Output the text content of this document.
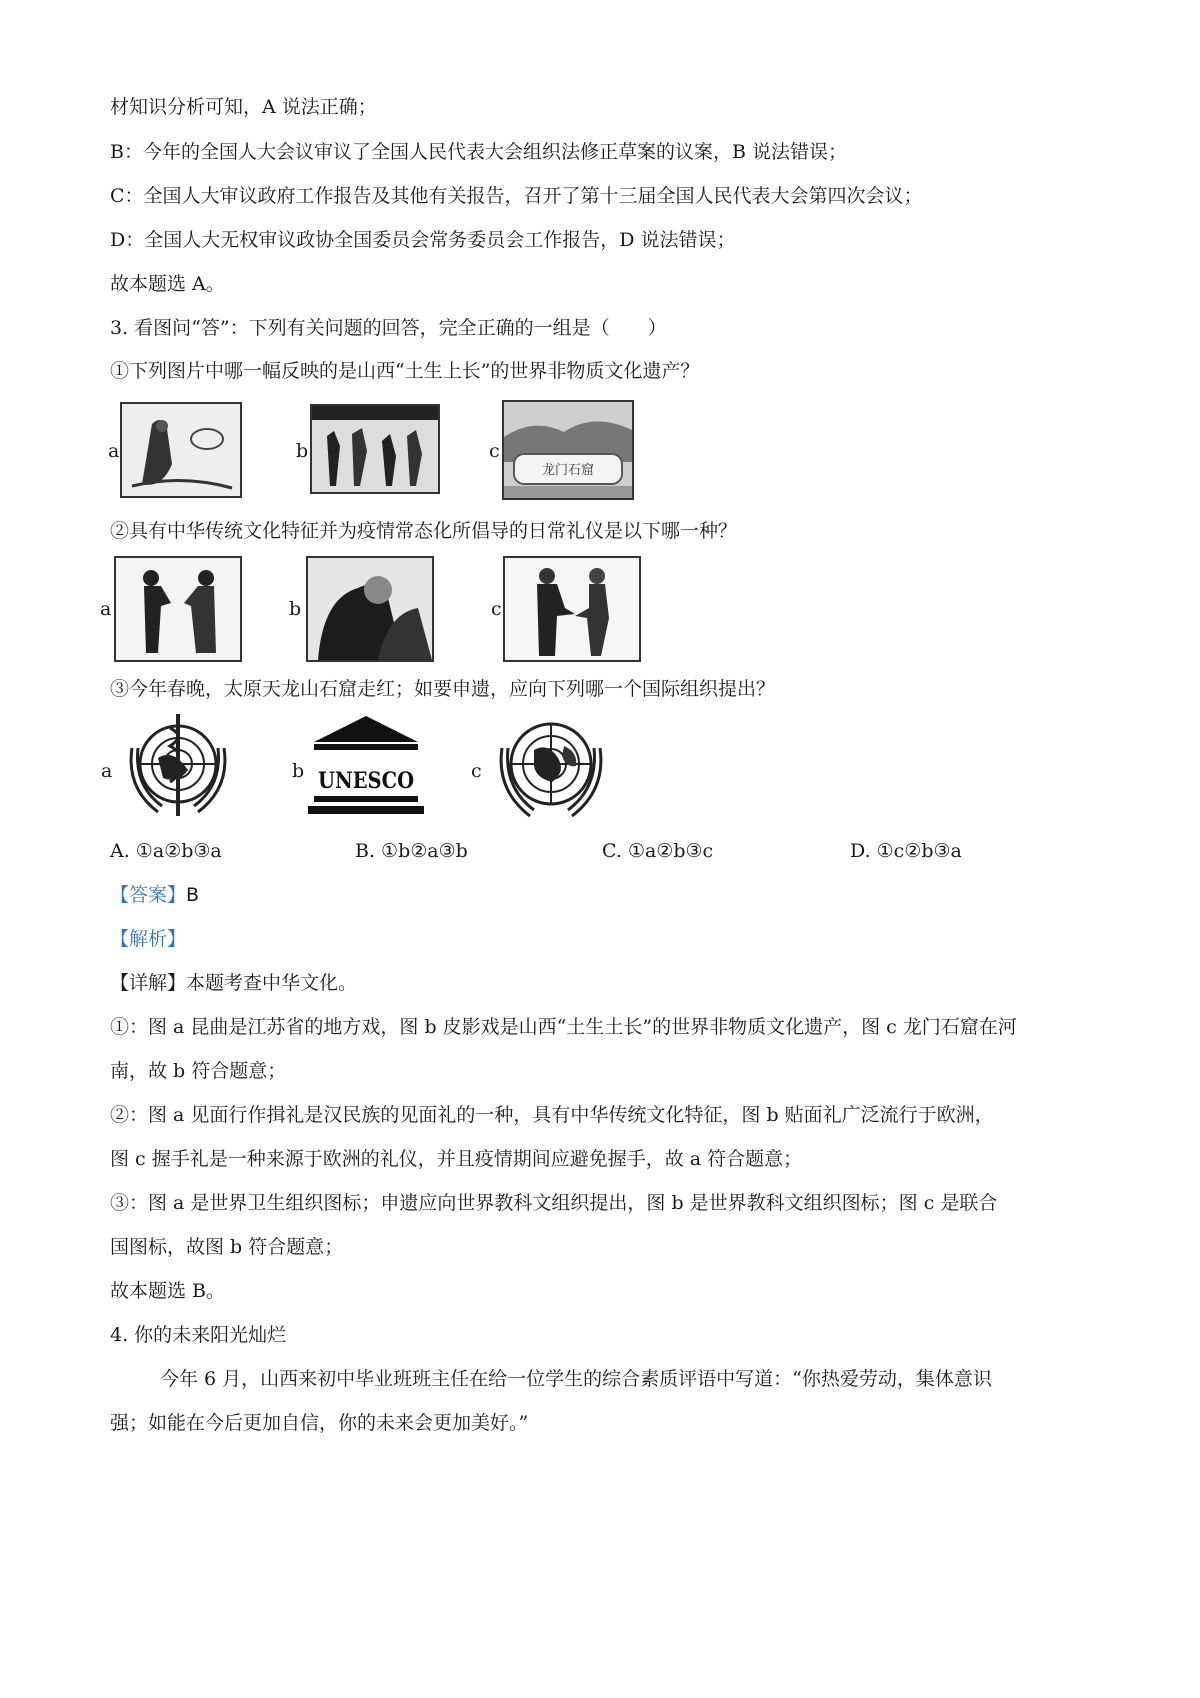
材知识分析可知，A 说法正确；
B：今年的全国人大会议审议了全国人民代表大会组织法修正草案的议案，B 说法错误；
C：全国人大审议政府工作报告及其他有关报告，召开了第十三届全国人民代表大会第四次会议；
D：全国人大无权审议政协全国委员会常务委员会工作报告，D 说法错误；
故本题选 A。
3. 看图问“答”：下列有关问题的回答，完全正确的一组是（　　）
①下列图片中哪一幅反映的是山西“土生上长”的世界非物质文化遗产？
a	b	c
龙门石窟
②具有中华传统文化特征并为疫情常态化所倡导的日常礼仪是以下哪一种？
a	b	c
③今年春晚，太原天龙山石窟走红；如要申遗，应向下列哪一个国际组织提出？
a	b UNESCO	c
A. ①a②b③a	B. ①b②a③b	C. ①a②b③c	D. ①c②b③a
【答案】B
【解析】
【详解】本题考查中华文化。
①：图 a 昆曲是江苏省的地方戏，图 b 皮影戏是山西“土生土长”的世界非物质文化遗产，图 c 龙门石窟在河
南，故 b 符合题意；
②：图 a 见面行作揖礼是汉民族的见面礼的一种，具有中华传统文化特征，图 b 贴面礼广泛流行于欧洲，
图 c 握手礼是一种来源于欧洲的礼仪，并且疫情期间应避免握手，故 a 符合题意；
③：图 a 是世界卫生组织图标；申遗应向世界教科文组织提出，图 b 是世界教科文组织图标；图 c 是联合
国图标，故图 b 符合题意；
故本题选 B。
4. 你的未来阳光灿烂
今年 6 月，山西来初中毕业班班主任在给一位学生的综合素质评语中写道：“你热爱劳动，集体意识
强；如能在今后更加自信，你的未来会更加美好。”
